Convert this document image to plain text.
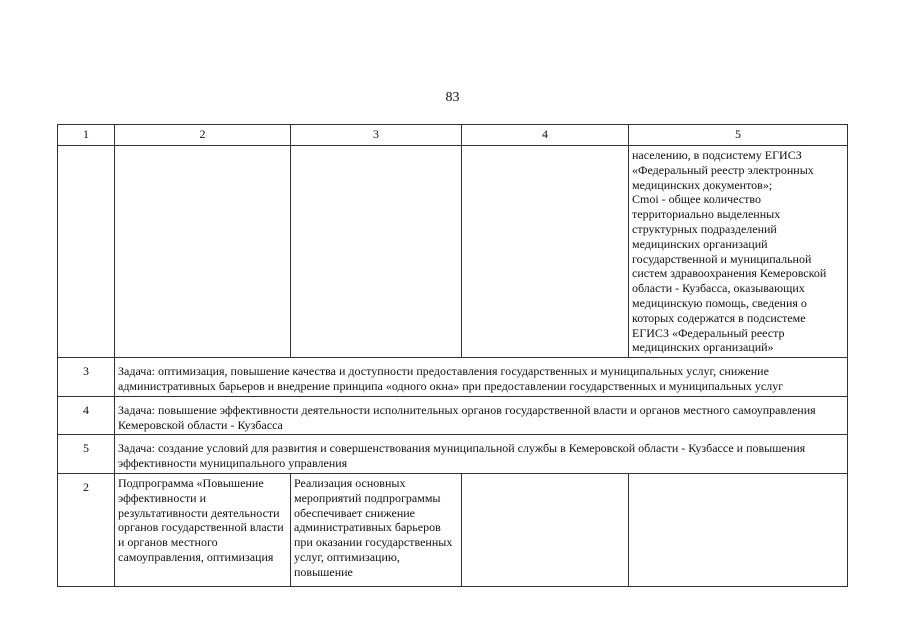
83
1	2	3	4	5

				населению, в подсистему ЕГИСЗ «Федеральный реестр электронных медицинских документов»;
Cmoi - общее количество территориально выделенных структурных подразделений медицинских организаций государственной и муниципальной систем здравоохранения Кемеровской области - Кузбасса, оказывающих медицинскую помощь, сведения о которых содержатся в подсистеме ЕГИСЗ «Федеральный реестр медицинских организаций»

3	Задача: оптимизация, повышение качества и доступности предоставления государственных и муниципальных услуг, снижение административных барьеров и внедрение принципа «одного окна» при предоставлении государственных и муниципальных услуг			
4	Задача: повышение эффективности деятельности исполнительных органов государственной власти и органов местного самоуправления Кемеровской области - Кузбасса			
5	Задача: создание условий для развития и совершенствования муниципальной службы в Кемеровской области - Кузбассе и повышения эффективности муниципального управления			
2	Подпрограмма «Повышение эффективности и результативности деятельности органов государственной власти и органов местного самоуправления, оптимизация	Реализация основных мероприятий подпрограммы обеспечивает снижение административных барьеров при оказании государственных услуг, оптимизацию, повышение		
